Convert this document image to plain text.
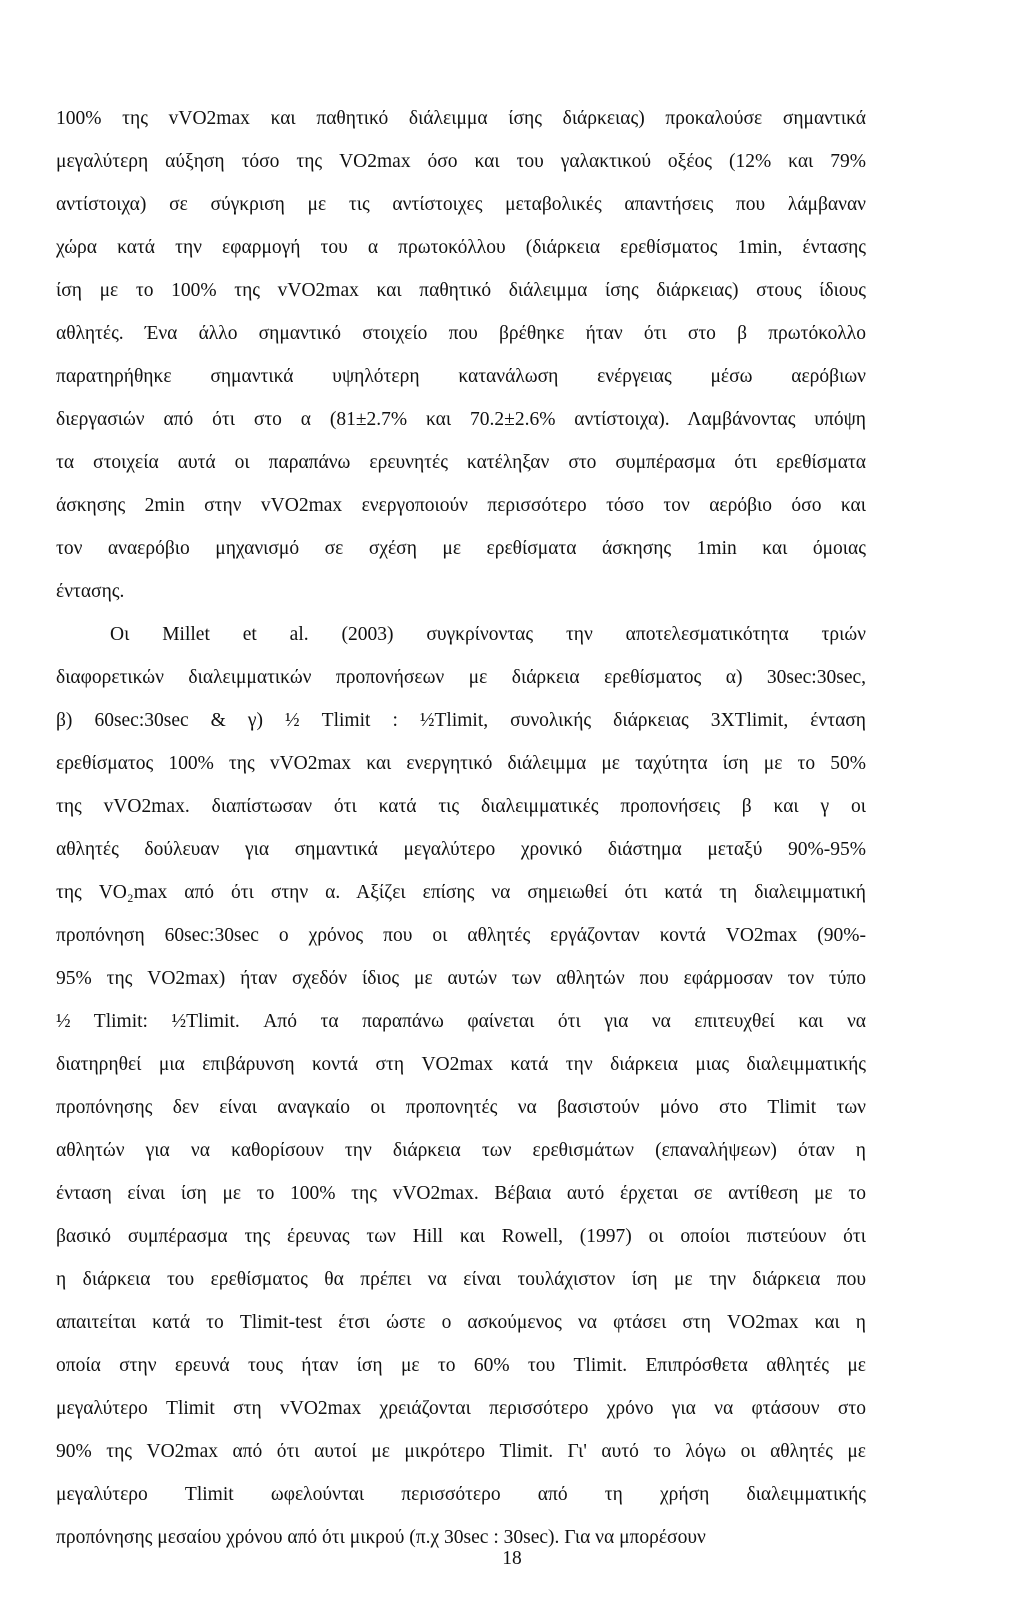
100% της vVO2max και παθητικό διάλειμμα ίσης διάρκειας) προκαλούσε σημαντικά
μεγαλύτερη αύξηση τόσο της VO2max όσο και του γαλακτικού οξέος (12% και 79%
αντίστοιχα) σε σύγκριση με τις αντίστοιχες μεταβολικές απαντήσεις που λάμβαναν
χώρα κατά την εφαρμογή του α πρωτοκόλλου (διάρκεια ερεθίσματος 1min, έντασης
ίση με το 100% της vVO2max και παθητικό διάλειμμα ίσης διάρκειας) στους ίδιους
αθλητές. Ένα άλλο σημαντικό στοιχείο που βρέθηκε ήταν ότι στο β πρωτόκολλο
παρατηρήθηκε σημαντικά υψηλότερη κατανάλωση ενέργειας μέσω αερόβιων
διεργασιών από ότι στο α (81±2.7% και 70.2±2.6% αντίστοιχα). Λαμβάνοντας υπόψη
τα στοιχεία αυτά οι παραπάνω ερευνητές κατέληξαν στο συμπέρασμα ότι ερεθίσματα
άσκησης 2min στην vVO2max ενεργοποιούν περισσότερο τόσο τον αερόβιο όσο και
τον αναερόβιο μηχανισμό σε σχέση με ερεθίσματα άσκησης 1min και όμοιας
έντασης.
Οι Millet et al. (2003) συγκρίνοντας την αποτελεσματικότητα τριών
διαφορετικών διαλειμματικών προπονήσεων με διάρκεια ερεθίσματος α) 30sec:30sec,
β) 60sec:30sec & γ) ½ Tlimit : ½Tlimit, συνολικής διάρκειας 3XTlimit, ένταση
ερεθίσματος 100% της vVO2max και ενεργητικό διάλειμμα με ταχύτητα ίση με το 50%
της vVO2max. διαπίστωσαν ότι κατά τις διαλειμματικές προπονήσεις β και γ οι
αθλητές δούλευαν για σημαντικά μεγαλύτερο χρονικό διάστημα μεταξύ 90%-95%
της VO₂max από ότι στην α. Αξίζει επίσης να σημειωθεί ότι κατά τη διαλειμματική
προπόνηση 60sec:30sec ο χρόνος που οι αθλητές εργάζονταν κοντά VO2max (90%-
95% της VO2max) ήταν σχεδόν ίδιος με αυτών των αθλητών που εφάρμοσαν τον τύπο
½ Tlimit: ½Tlimit. Από τα παραπάνω φαίνεται ότι για να επιτευχθεί και να
διατηρηθεί μια επιβάρυνση κοντά στη VO2max κατά την διάρκεια μιας διαλειμματικής
προπόνησης δεν είναι αναγκαίο οι προπονητές να βασιστούν μόνο στο Tlimit των
αθλητών για να καθορίσουν την διάρκεια των ερεθισμάτων (επαναλήψεων) όταν η
ένταση είναι ίση με το 100% της vVO2max. Βέβαια αυτό έρχεται σε αντίθεση με το
βασικό συμπέρασμα της έρευνας των Hill και Rowell, (1997) οι οποίοι πιστεύουν ότι
η διάρκεια του ερεθίσματος θα πρέπει να είναι τουλάχιστον ίση με την διάρκεια που
απαιτείται κατά το Tlimit-test έτσι ώστε ο ασκούμενος να φτάσει στη VO2max και η
οποία στην ερευνά τους ήταν ίση με το 60% του Tlimit. Επιπρόσθετα αθλητές με
μεγαλύτερο Tlimit στη vVO2max χρειάζονται περισσότερο χρόνο για να φτάσουν στο
90% της VO2max από ότι αυτοί με μικρότερο Tlimit. Γι' αυτό το λόγω οι αθλητές με
μεγαλύτερο Tlimit ωφελούνται περισσότερο από τη χρήση διαλειμματικής
προπόνησης μεσαίου χρόνου από ότι μικρού (π.χ 30sec : 30sec). Για να μπορέσουν
18
